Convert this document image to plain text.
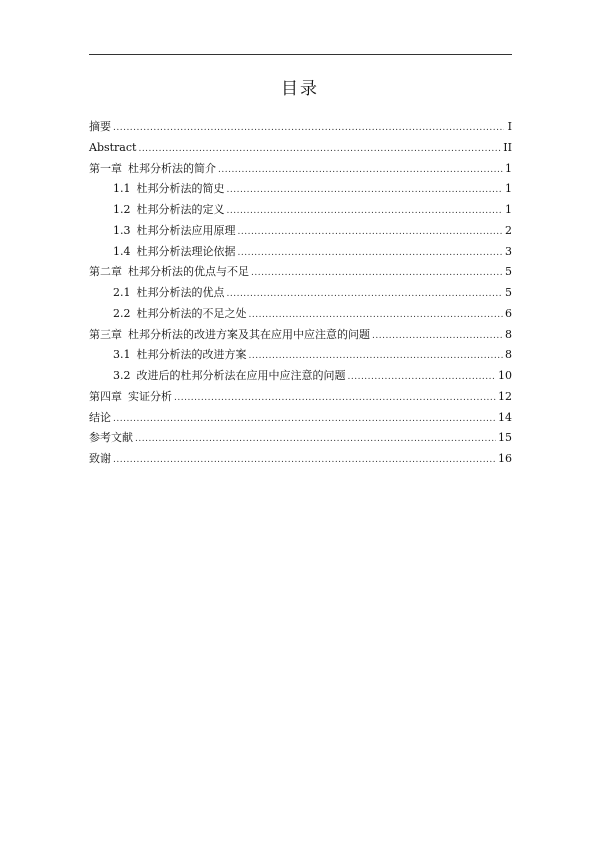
目录
摘要 .....	I
Abstract .....	II
第一章 杜邦分析法的简介 .....	1
1.1 杜邦分析法的简史 .....	1
1.2 杜邦分析法的定义 .....	1
1.3 杜邦分析法应用原理 .....	2
1.4 杜邦分析法理论依据 .....	3
第二章 杜邦分析法的优点与不足 .....	5
2.1 杜邦分析法的优点 .....	5
2.2 杜邦分析法的不足之处 .....	6
第三章 杜邦分析法的改进方案及其在应用中应注意的问题 .....	8
3.1 杜邦分析法的改进方案 .....	8
3.2 改进后的杜邦分析法在应用中应注意的问题 .....	10
第四章 实证分析 .....	12
结论 .....	14
参考文献 .....	15
致谢 .....	16
